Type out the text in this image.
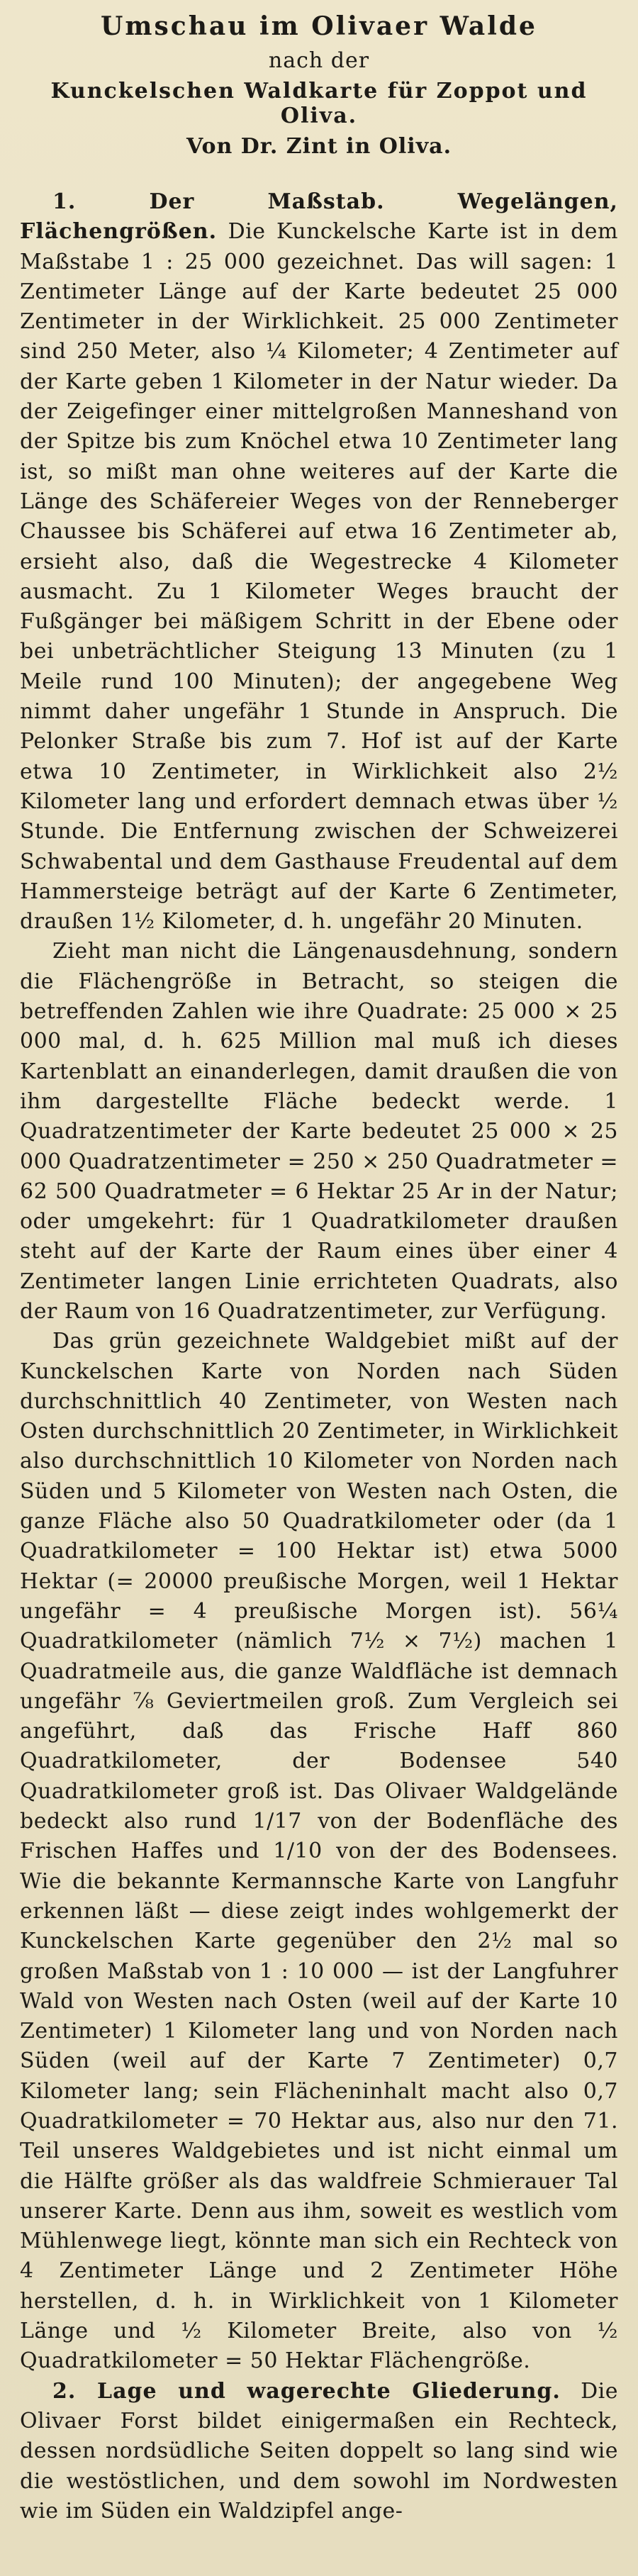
Umschau im Olivaer Walde
nach der
Kunckelschen Waldkarte für Zoppot und Oliva.
Von Dr. Zint in Oliva.

1. Der Maßstab. Wegelängen, Flächengrößen. Die Kunckelsche Karte ist in dem Maßstabe 1 : 25 000 gezeichnet. Das will sagen: 1 Zentimeter Länge auf der Karte bedeutet 25 000 Zentimeter in der Wirklichkeit. 25 000 Zentimeter sind 250 Meter, also ¼ Kilometer; 4 Zentimeter auf der Karte geben 1 Kilometer in der Natur wieder. Da der Zeigefinger einer mittelgroßen Manneshand von der Spitze bis zum Knöchel etwa 10 Zentimeter lang ist, so mißt man ohne weiteres auf der Karte die Länge des Schäfereier Weges von der Renneberger Chaussee bis Schäferei auf etwa 16 Zentimeter ab, ersieht also, daß die Wegestrecke 4 Kilometer ausmacht. Zu 1 Kilometer Weges braucht der Fußgänger bei mäßigem Schritt in der Ebene oder bei unbeträchtlicher Steigung 13 Minuten (zu 1 Meile rund 100 Minuten); der angegebene Weg nimmt daher ungefähr 1 Stunde in Anspruch. Die Pelonker Straße bis zum 7. Hof ist auf der Karte etwa 10 Zentimeter, in Wirklichkeit also 2½ Kilometer lang und erfordert demnach etwas über ½ Stunde. Die Entfernung zwischen der Schweizerei Schwabental und dem Gasthause Freudental auf dem Hammersteige beträgt auf der Karte 6 Zentimeter, draußen 1½ Kilometer, d. h. ungefähr 20 Minuten.

Zieht man nicht die Längenausdehnung, sondern die Flächengröße in Betracht, so steigen die betreffenden Zahlen wie ihre Quadrate: 25 000 × 25 000 mal, d. h. 625 Million mal muß ich dieses Kartenblatt an einanderlegen, damit draußen die von ihm dargestellte Fläche bedeckt werde. 1 Quadratzentimeter der Karte bedeutet 25 000 × 25 000 Quadratzentimeter = 250 × 250 Quadratmeter = 62 500 Quadratmeter = 6 Hektar 25 Ar in der Natur; oder umgekehrt: für 1 Quadratkilometer draußen steht auf der Karte der Raum eines über einer 4 Zentimeter langen Linie errichteten Quadrats, also der Raum von 16 Quadratzentimeter, zur Verfügung.

Das grün gezeichnete Waldgebiet mißt auf der Kunckelschen Karte von Norden nach Süden durchschnittlich 40 Zentimeter, von Westen nach Osten durchschnittlich 20 Zentimeter, in Wirklichkeit also durchschnittlich 10 Kilometer von Norden nach Süden und 5 Kilometer von Westen nach Osten, die ganze Fläche also 50 Quadratkilometer oder (da 1 Quadratkilometer = 100 Hektar ist) etwa 5000 Hektar (= 20000 preußische Morgen, weil 1 Hektar ungefähr = 4 preußische Morgen ist). 56¼ Quadratkilometer (nämlich 7½ × 7½) machen 1 Quadratmeile aus, die ganze Waldfläche ist demnach ungefähr ⅞ Geviertmeilen groß. Zum Vergleich sei angeführt, daß das Frische Haff 860 Quadratkilometer, der Bodensee 540 Quadratkilometer groß ist. Das Olivaer Waldgelände bedeckt also rund 1/17 von der Bodenfläche des Frischen Haffes und 1/10 von der des Bodensees. Wie die bekannte Kermannsche Karte von Langfuhr erkennen läßt — diese zeigt indes wohlgemerkt der Kunckelschen Karte gegenüber den 2½ mal so großen Maßstab von 1 : 10 000 — ist der Langfuhrer Wald von Westen nach Osten (weil auf der Karte 10 Zentimeter) 1 Kilometer lang und von Norden nach Süden (weil auf der Karte 7 Zentimeter) 0,7 Kilometer lang; sein Flächeninhalt macht also 0,7 Quadratkilometer = 70 Hektar aus, also nur den 71. Teil unseres Waldgebietes und ist nicht einmal um die Hälfte größer als das waldfreie Schmierauer Tal unserer Karte. Denn aus ihm, soweit es westlich vom Mühlenwege liegt, könnte man sich ein Rechteck von 4 Zentimeter Länge und 2 Zentimeter Höhe herstellen, d. h. in Wirklichkeit von 1 Kilometer Länge und ½ Kilometer Breite, also von ½ Quadratkilometer = 50 Hektar Flächengröße.

2. Lage und wagerechte Gliederung. Die Olivaer Forst bildet einigermaßen ein Rechteck, dessen nordsüdliche Seiten doppelt so lang sind wie die westöstlichen, und dem sowohl im Nordwesten wie im Süden ein Waldzipfel ange-
